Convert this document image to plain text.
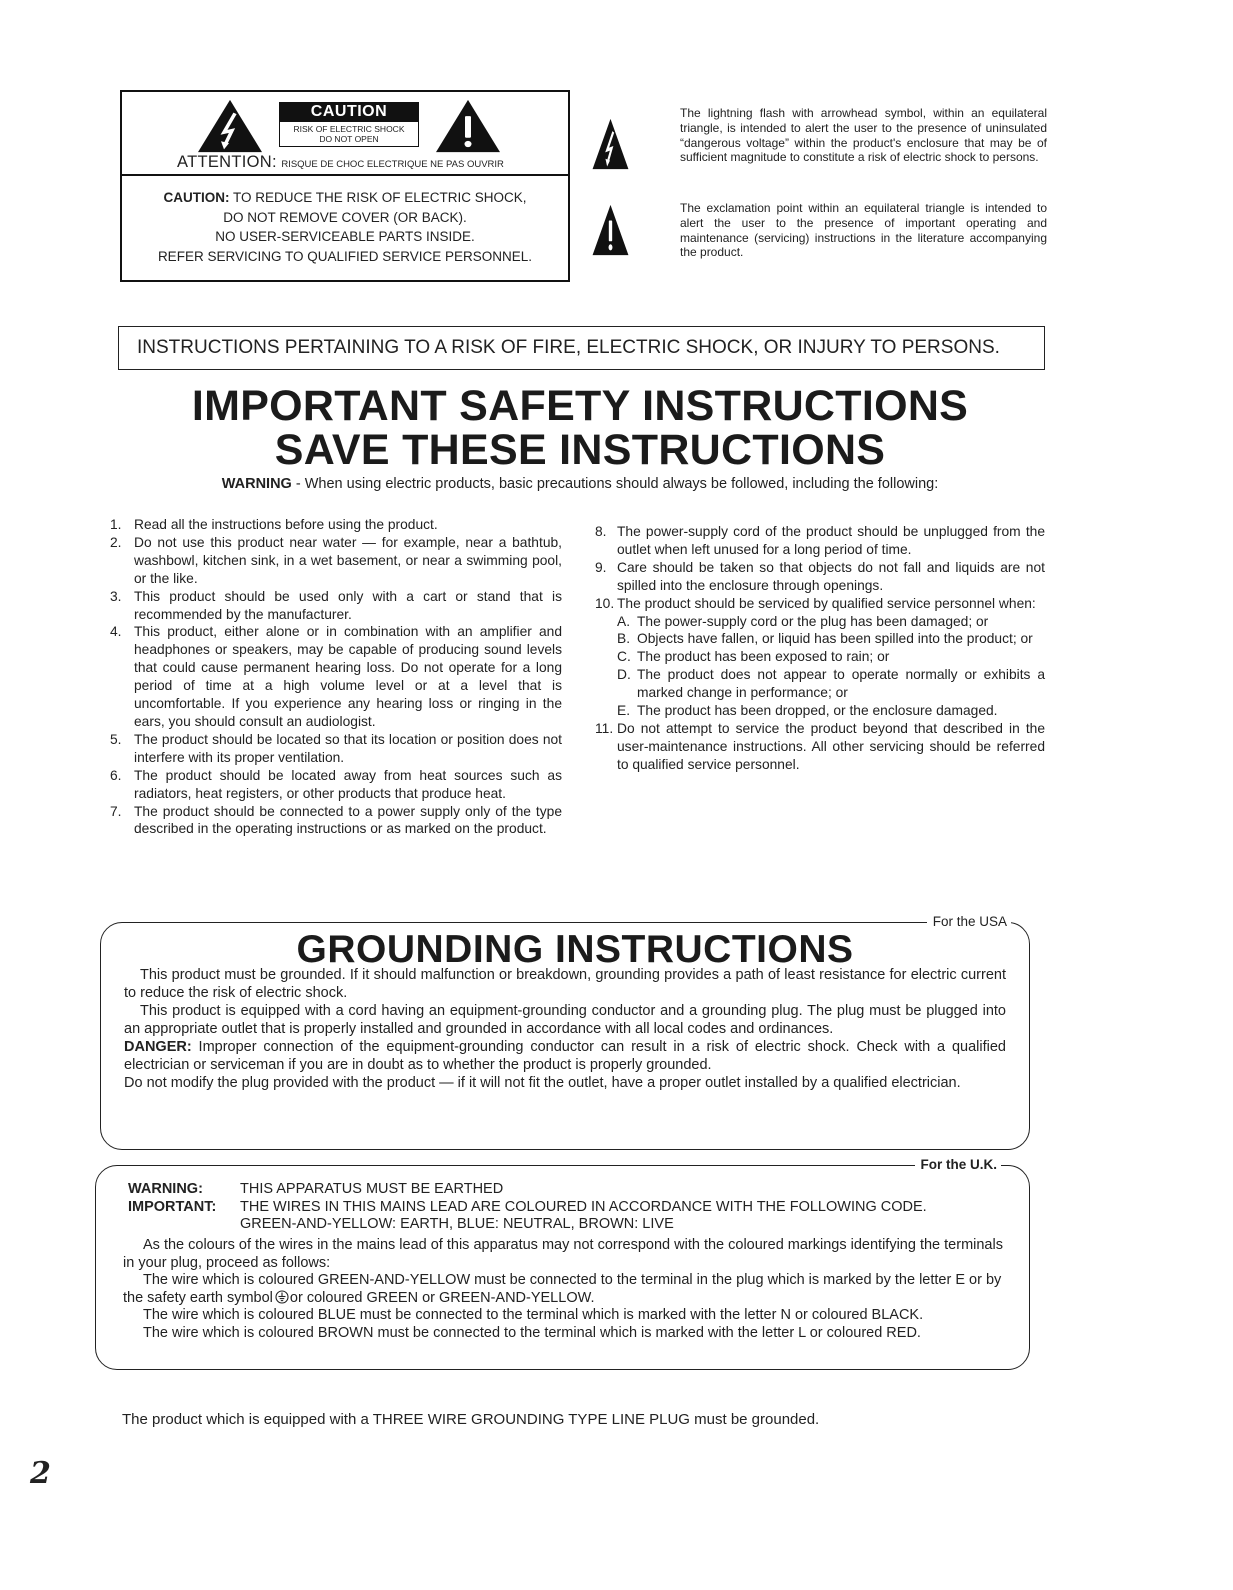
CAUTION
RISK OF ELECTRIC SHOCK
DO NOT OPEN
ATTENTION: RISQUE DE CHOC ELECTRIQUE NE PAS OUVRIR
CAUTION: TO REDUCE THE RISK OF ELECTRIC SHOCK,
DO NOT REMOVE COVER (OR BACK).
NO USER-SERVICEABLE PARTS INSIDE.
REFER SERVICING TO QUALIFIED SERVICE PERSONNEL.
The lightning flash with arrowhead symbol, within an equilateral triangle, is intended to alert the user to the presence of uninsulated “dangerous voltage” within the product's enclosure that may be of sufficient magnitude to constitute a risk of electric shock to persons.
The exclamation point within an equilateral triangle is intended to alert the user to the presence of important operating and maintenance (servicing) instructions in the literature accompanying the product.
INSTRUCTIONS PERTAINING TO A RISK OF FIRE, ELECTRIC SHOCK, OR INJURY TO PERSONS.
IMPORTANT SAFETY INSTRUCTIONS
SAVE THESE INSTRUCTIONS
WARNING - When using electric products, basic precautions should always be followed, including the following:
1. Read all the instructions before using the product.
2. Do not use this product near water — for example, near a bathtub, washbowl, kitchen sink, in a wet basement, or near a swimming pool, or the like.
3. This product should be used only with a cart or stand that is recommended by the manufacturer.
4. This product, either alone or in combination with an amplifier and headphones or speakers, may be capable of producing sound levels that could cause permanent hearing loss. Do not operate for a long period of time at a high volume level or at a level that is uncomfortable. If you experience any hearing loss or ringing in the ears, you should consult an audiologist.
5. The product should be located so that its location or position does not interfere with its proper ventilation.
6. The product should be located away from heat sources such as radiators, heat registers, or other products that produce heat.
7. The product should be connected to a power supply only of the type described in the operating instructions or as marked on the product.
8. The power-supply cord of the product should be unplugged from the outlet when left unused for a long period of time.
9. Care should be taken so that objects do not fall and liquids are not spilled into the enclosure through openings.
10. The product should be serviced by qualified service personnel when:
A. The power-supply cord or the plug has been damaged; or
B. Objects have fallen, or liquid has been spilled into the product; or
C. The product has been exposed to rain; or
D. The product does not appear to operate normally or exhibits a marked change in performance; or
E. The product has been dropped, or the enclosure damaged.
11. Do not attempt to service the product beyond that described in the user-maintenance instructions. All other servicing should be referred to qualified service personnel.
For the USA
GROUNDING INSTRUCTIONS

This product must be grounded. If it should malfunction or breakdown, grounding provides a path of least resistance for electric current to reduce the risk of electric shock.

This product is equipped with a cord having an equipment-grounding conductor and a grounding plug. The plug must be plugged into an appropriate outlet that is properly installed and grounded in accordance with all local codes and ordinances.

DANGER: Improper connection of the equipment-grounding conductor can result in a risk of electric shock. Check with a qualified electrician or serviceman if you are in doubt as to whether the product is properly grounded.

Do not modify the plug provided with the product — if it will not fit the outlet, have a proper outlet installed by a qualified electrician.

For the U.K.
WARNING:	THIS APPARATUS MUST BE EARTHED
IMPORTANT:	THE WIRES IN THIS MAINS LEAD ARE COLOURED IN ACCORDANCE WITH THE FOLLOWING CODE.
GREEN-AND-YELLOW: EARTH, BLUE: NEUTRAL, BROWN: LIVE

As the colours of the wires in the mains lead of this apparatus may not correspond with the coloured markings identifying the terminals in your plug, proceed as follows:

The wire which is coloured GREEN-AND-YELLOW must be connected to the terminal in the plug which is marked by the letter E or by the safety earth symbol or coloured GREEN or GREEN-AND-YELLOW.

The wire which is coloured BLUE must be connected to the terminal which is marked with the letter N or coloured BLACK.

The wire which is coloured BROWN must be connected to the terminal which is marked with the letter L or coloured RED.

The product which is equipped with a THREE WIRE GROUNDING TYPE LINE PLUG must be grounded.
2
